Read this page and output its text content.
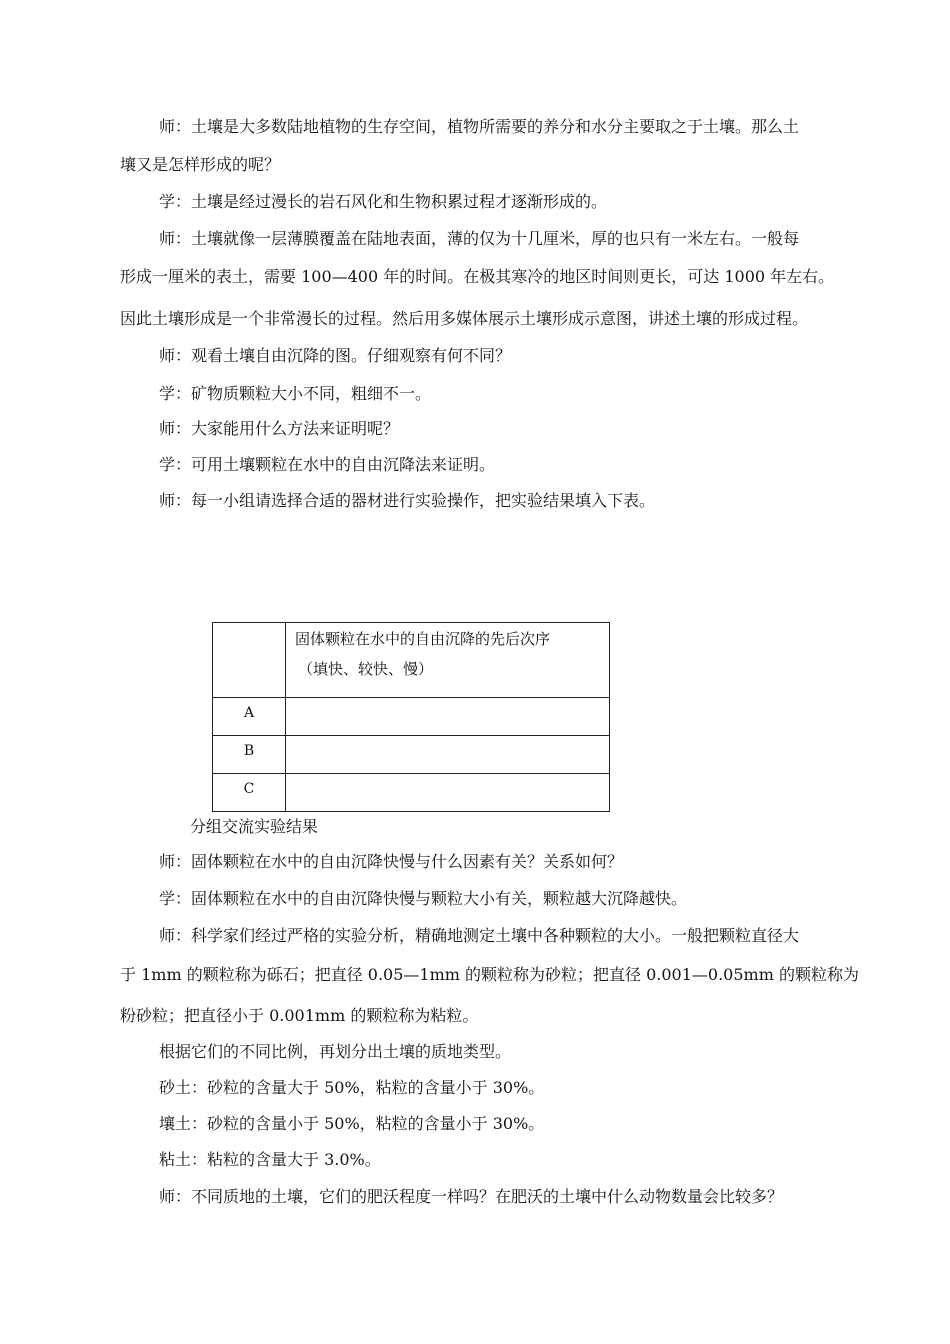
师：土壤是大多数陆地植物的生存空间，植物所需要的养分和水分主要取之于土壤。那么土
壤又是怎样形成的呢？
学：土壤是经过漫长的岩石风化和生物积累过程才逐渐形成的。
师：土壤就像一层薄膜覆盖在陆地表面，薄的仅为十几厘米，厚的也只有一米左右。一般每
形成一厘米的表土，需要 100—400 年的时间。在极其寒冷的地区时间则更长，可达 1000 年左右。
因此土壤形成是一个非常漫长的过程。然后用多媒体展示土壤形成示意图，讲述土壤的形成过程。
师：观看土壤自由沉降的图。仔细观察有何不同？
学：矿物质颗粒大小不同，粗细不一。
师：大家能用什么方法来证明呢？
学：可用土壤颗粒在水中的自由沉降法来证明。
师：每一小组请选择合适的器材进行实验操作，把实验结果填入下表。

	固体颗粒在水中的自由沉降的先后次序
（填快、较快、慢）

A	
B	
C	
分组交流实验结果
师：固体颗粒在水中的自由沉降快慢与什么因素有关？关系如何？
学：固体颗粒在水中的自由沉降快慢与颗粒大小有关，颗粒越大沉降越快。
师：科学家们经过严格的实验分析，精确地测定土壤中各种颗粒的大小。一般把颗粒直径大
于 1mm 的颗粒称为砾石；把直径 0.05—1mm 的颗粒称为砂粒；把直径 0.001—0.05mm 的颗粒称为
粉砂粒；把直径小于 0.001mm 的颗粒称为粘粒。
根据它们的不同比例，再划分出土壤的质地类型。
砂土：砂粒的含量大于 50%，粘粒的含量小于 30%。
壤土：砂粒的含量小于 50%，粘粒的含量小于 30%。
粘土：粘粒的含量大于 3.0%。
师：不同质地的土壤，它们的肥沃程度一样吗？在肥沃的土壤中什么动物数量会比较多？
